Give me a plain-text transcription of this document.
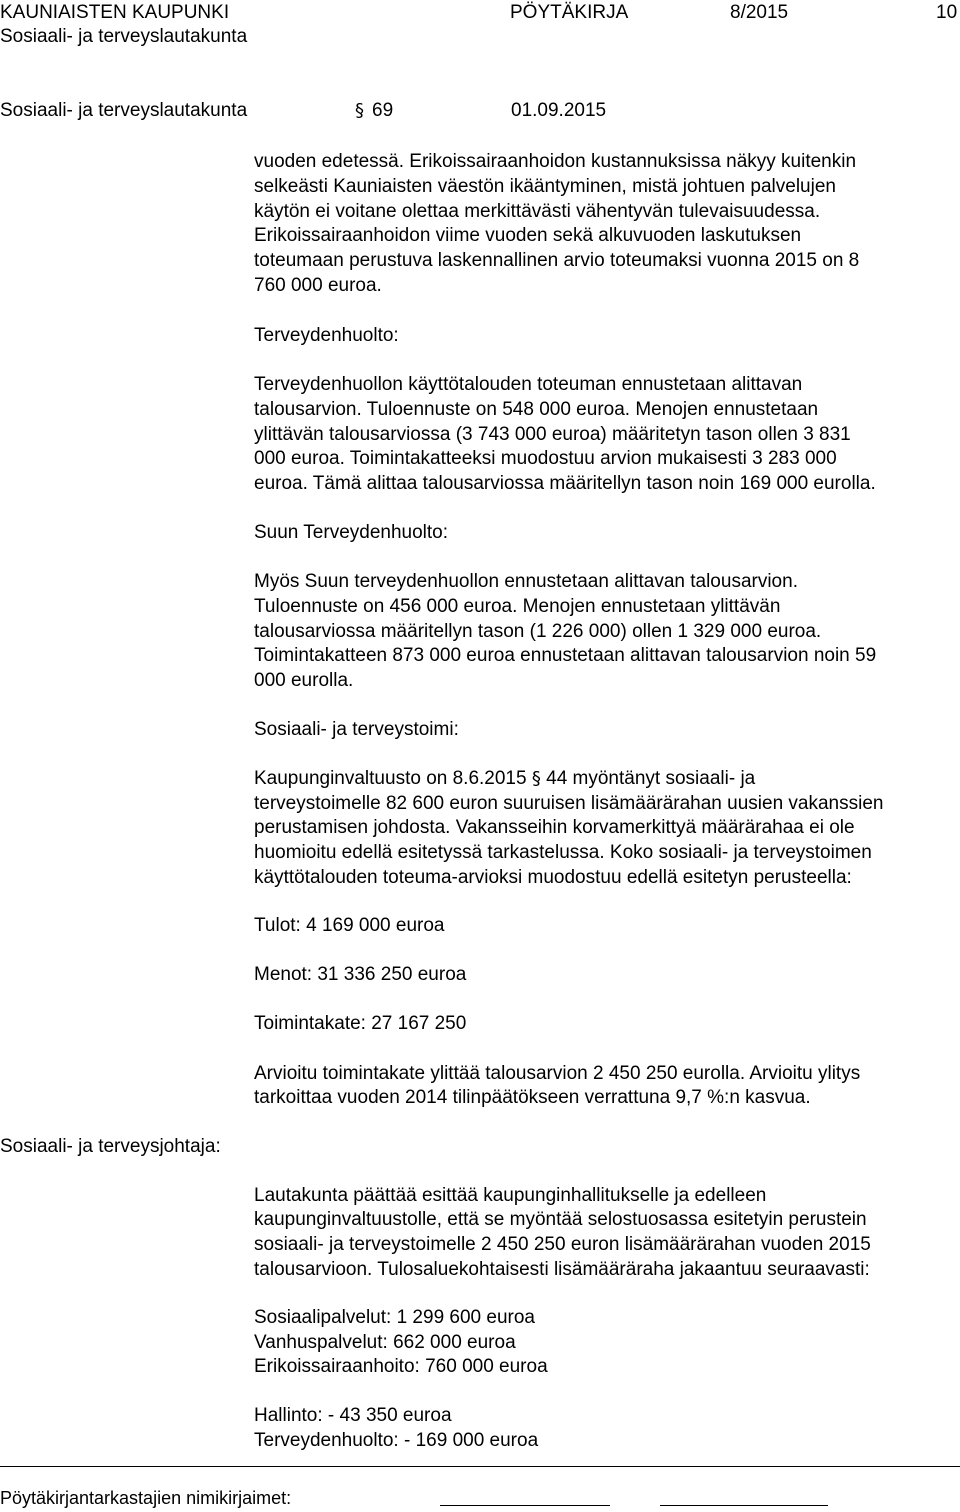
KAUNIAISTEN KAUPUNKI
Sosiaali- ja terveyslautakunta
PÖYTÄKIRJA	8/2015	10
Sosiaali- ja terveyslautakunta	§ 69	01.09.2015
vuoden edetessä. Erikoissairaanhoidon kustannuksissa näkyy kuitenkin
selkeästi Kauniaisten väestön ikääntyminen, mistä johtuen palvelujen
käytön ei voitane olettaa merkittävästi vähentyvän tulevaisuudessa.
Erikoissairaanhoidon viime vuoden sekä alkuvuoden laskutuksen
toteumaan perustuva laskennallinen arvio toteumaksi vuonna 2015 on 8
760 000 euroa.
Terveydenhuolto:
Terveydenhuollon käyttötalouden toteuman ennustetaan alittavan
talousarvion. Tuloennuste on 548 000 euroa. Menojen ennustetaan
ylittävän talousarviossa (3 743 000 euroa) määritetyn tason ollen 3 831
000 euroa. Toimintakatteeksi muodostuu arvion mukaisesti 3 283 000
euroa. Tämä alittaa talousarviossa määritellyn tason noin 169 000 eurolla.
Suun Terveydenhuolto:
Myös Suun terveydenhuollon ennustetaan alittavan talousarvion.
Tuloennuste on 456 000 euroa. Menojen ennustetaan ylittävän
talousarviossa määritellyn tason (1 226 000) ollen 1 329 000 euroa.
Toimintakatteen 873 000 euroa ennustetaan alittavan talousarvion noin 59
000 eurolla.
Sosiaali- ja terveystoimi:
Kaupunginvaltuusto on 8.6.2015 § 44 myöntänyt sosiaali- ja
terveystoimelle 82 600 euron suuruisen lisämäärärahan uusien vakanssien
perustamisen johdosta. Vakansseihin korvamerkittyä määrärahaa ei ole
huomioitu edellä esitetyssä tarkastelussa. Koko sosiaali- ja terveystoimen
käyttötalouden toteuma-arvioksi muodostuu edellä esitetyn perusteella:
Tulot: 4 169 000 euroa
Menot: 31 336 250 euroa
Toimintakate: 27 167 250
Arvioitu toimintakate ylittää talousarvion 2 450 250 eurolla. Arvioitu ylitys
tarkoittaa vuoden 2014 tilinpäätökseen verrattuna 9,7 %:n kasvua.
Sosiaali- ja terveysjohtaja:
Lautakunta päättää esittää kaupunginhallitukselle ja edelleen
kaupunginvaltuustolle, että se myöntää selostuosassa esitetyin perustein
sosiaali- ja terveystoimelle 2 450 250 euron lisämäärärahan vuoden 2015
talousarvioon. Tulosaluekohtaisesti lisämääräraha jakaantuu seuraavasti:
Sosiaalipalvelut: 1 299 600 euroa
Vanhuspalvelut: 662 000 euroa
Erikoissairaanhoito: 760 000 euroa
Hallinto: - 43 350 euroa
Terveydenhuolto: - 169 000 euroa
Pöytäkirjantarkastajien nimikirjaimet:
